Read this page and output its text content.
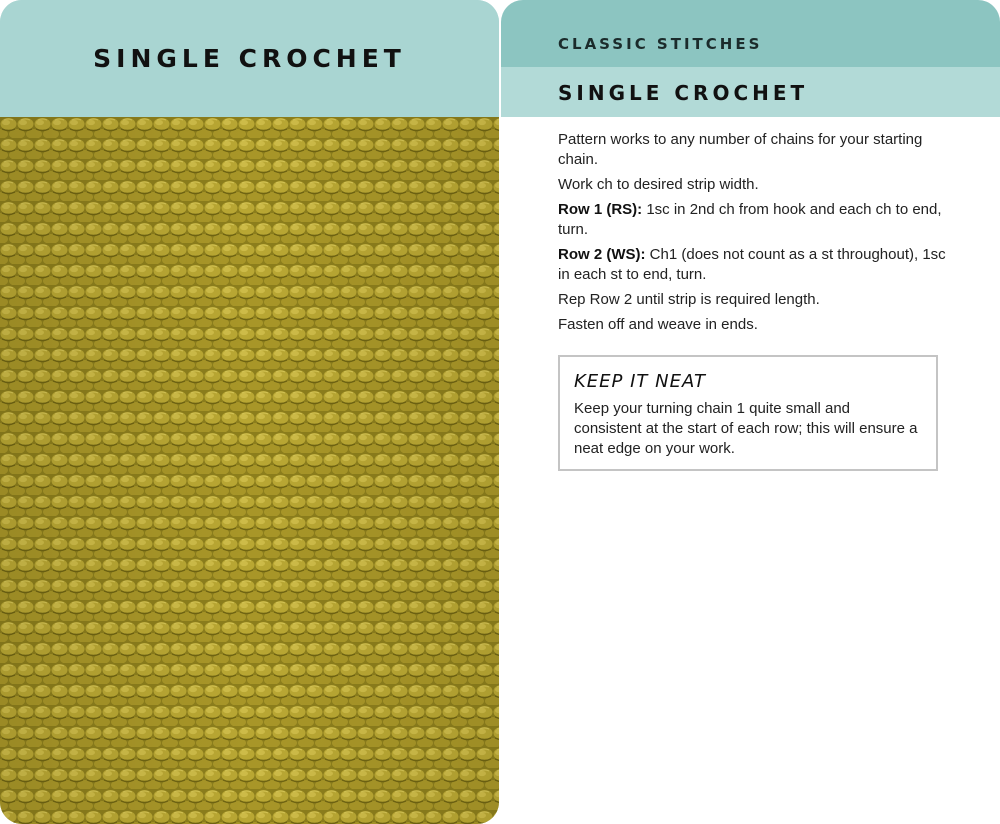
SINGLE CROCHET	CLASSIC STITCHES
SINGLE CROCHET

Pattern works to any number of chains for your starting chain.

Work ch to desired strip width.

Row 1 (RS): 1sc in 2nd ch from hook and each ch to end, turn.

Row 2 (WS): Ch1 (does not count as a st throughout), 1sc in each st to end, turn.

Rep Row 2 until strip is required length.

Fasten off and weave in ends.

KEEP IT NEAT
Keep your turning chain 1 quite small and consistent at the start of each row; this will ensure a neat edge on your work.
